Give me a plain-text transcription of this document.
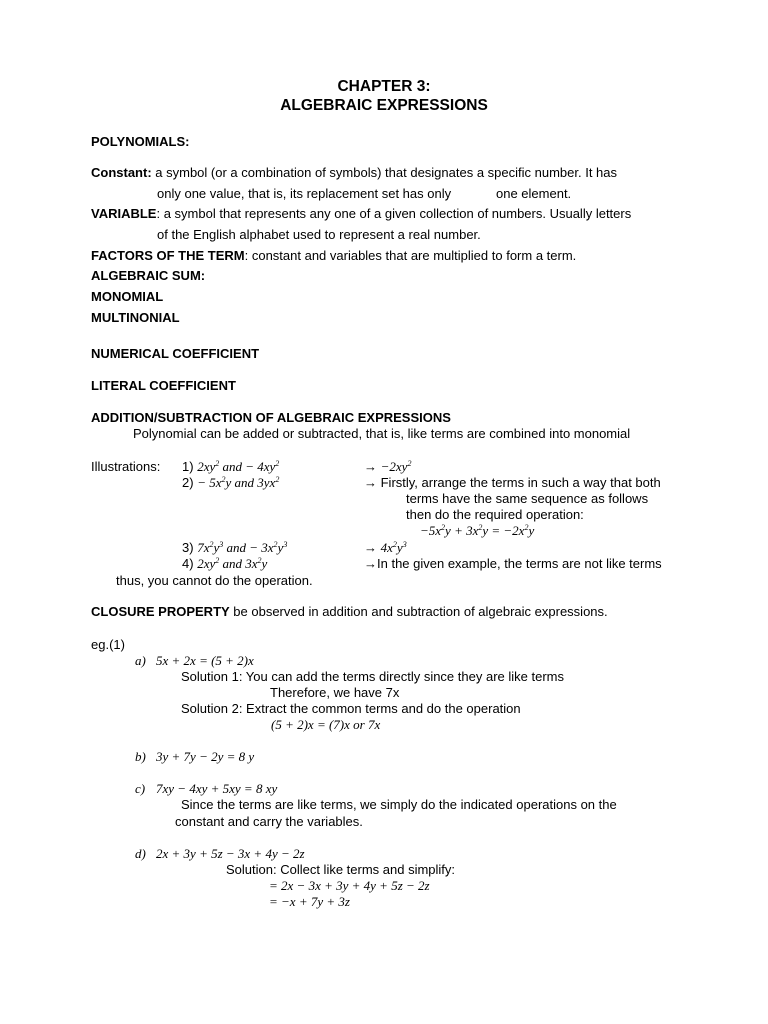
CHAPTER 3:
ALGEBRAIC EXPRESSIONS
POLYNOMIALS:
Constant: a symbol (or a combination of symbols) that designates a specific number. It has
only one value, that is, its replacement set has only	one element.
VARIABLE: a symbol that represents any one of a given collection of numbers. Usually letters
of the English alphabet used to represent a real number.
FACTORS OF THE TERM: constant and variables that are multiplied to form a term.
ALGEBRAIC SUM:
MONOMIAL
MULTINONIAL
NUMERICAL COEFFICIENT
LITERAL COEFFICIENT
ADDITION/SUBTRACTION OF ALGEBRAIC EXPRESSIONS
Polynomial can be added or subtracted, that is, like terms are combined into monomial
Illustrations: 1) $2xy^2$ and − $4xy^2$	→ $-2xy^2$
$2) - 5x^2y$ and $3yx^2$	→ Firstly, arrange the terms in such a way that both
terms have the same sequence as follows
then do the required operation:
$-5x^2y + 3x^2y = -2x^2y$
3) $7x^2y^3$ and − $3x^2y^3$	→ $4x^2y^3$
4) $2xy^2$ and $3x^2y$	→In the given example, the terms are not like terms
thus, you cannot do the operation.
CLOSURE PROPERTY be observed in addition and subtraction of algebraic expressions.
eg.(1)
a) 5x + 2x = (5 + 2)x
Solution 1: You can add the terms directly since they are like terms
Therefore, we have 7x
Solution 2: Extract the common terms and do the operation
(5 + 2)x = (7)x or 7x
b) 3y + 7y − 2y = 8 y
c) 7xy − 4xy + 5xy = 8 xy
Since the terms are like terms, we simply do the indicated operations on the
constant and carry the variables.
d) 2x + 3y + 5z − 3x + 4y − 2z
Solution: Collect like terms and simplify:
= 2x − 3x + 3y + 4y + 5z − 2z
= −x + 7y + 3z
